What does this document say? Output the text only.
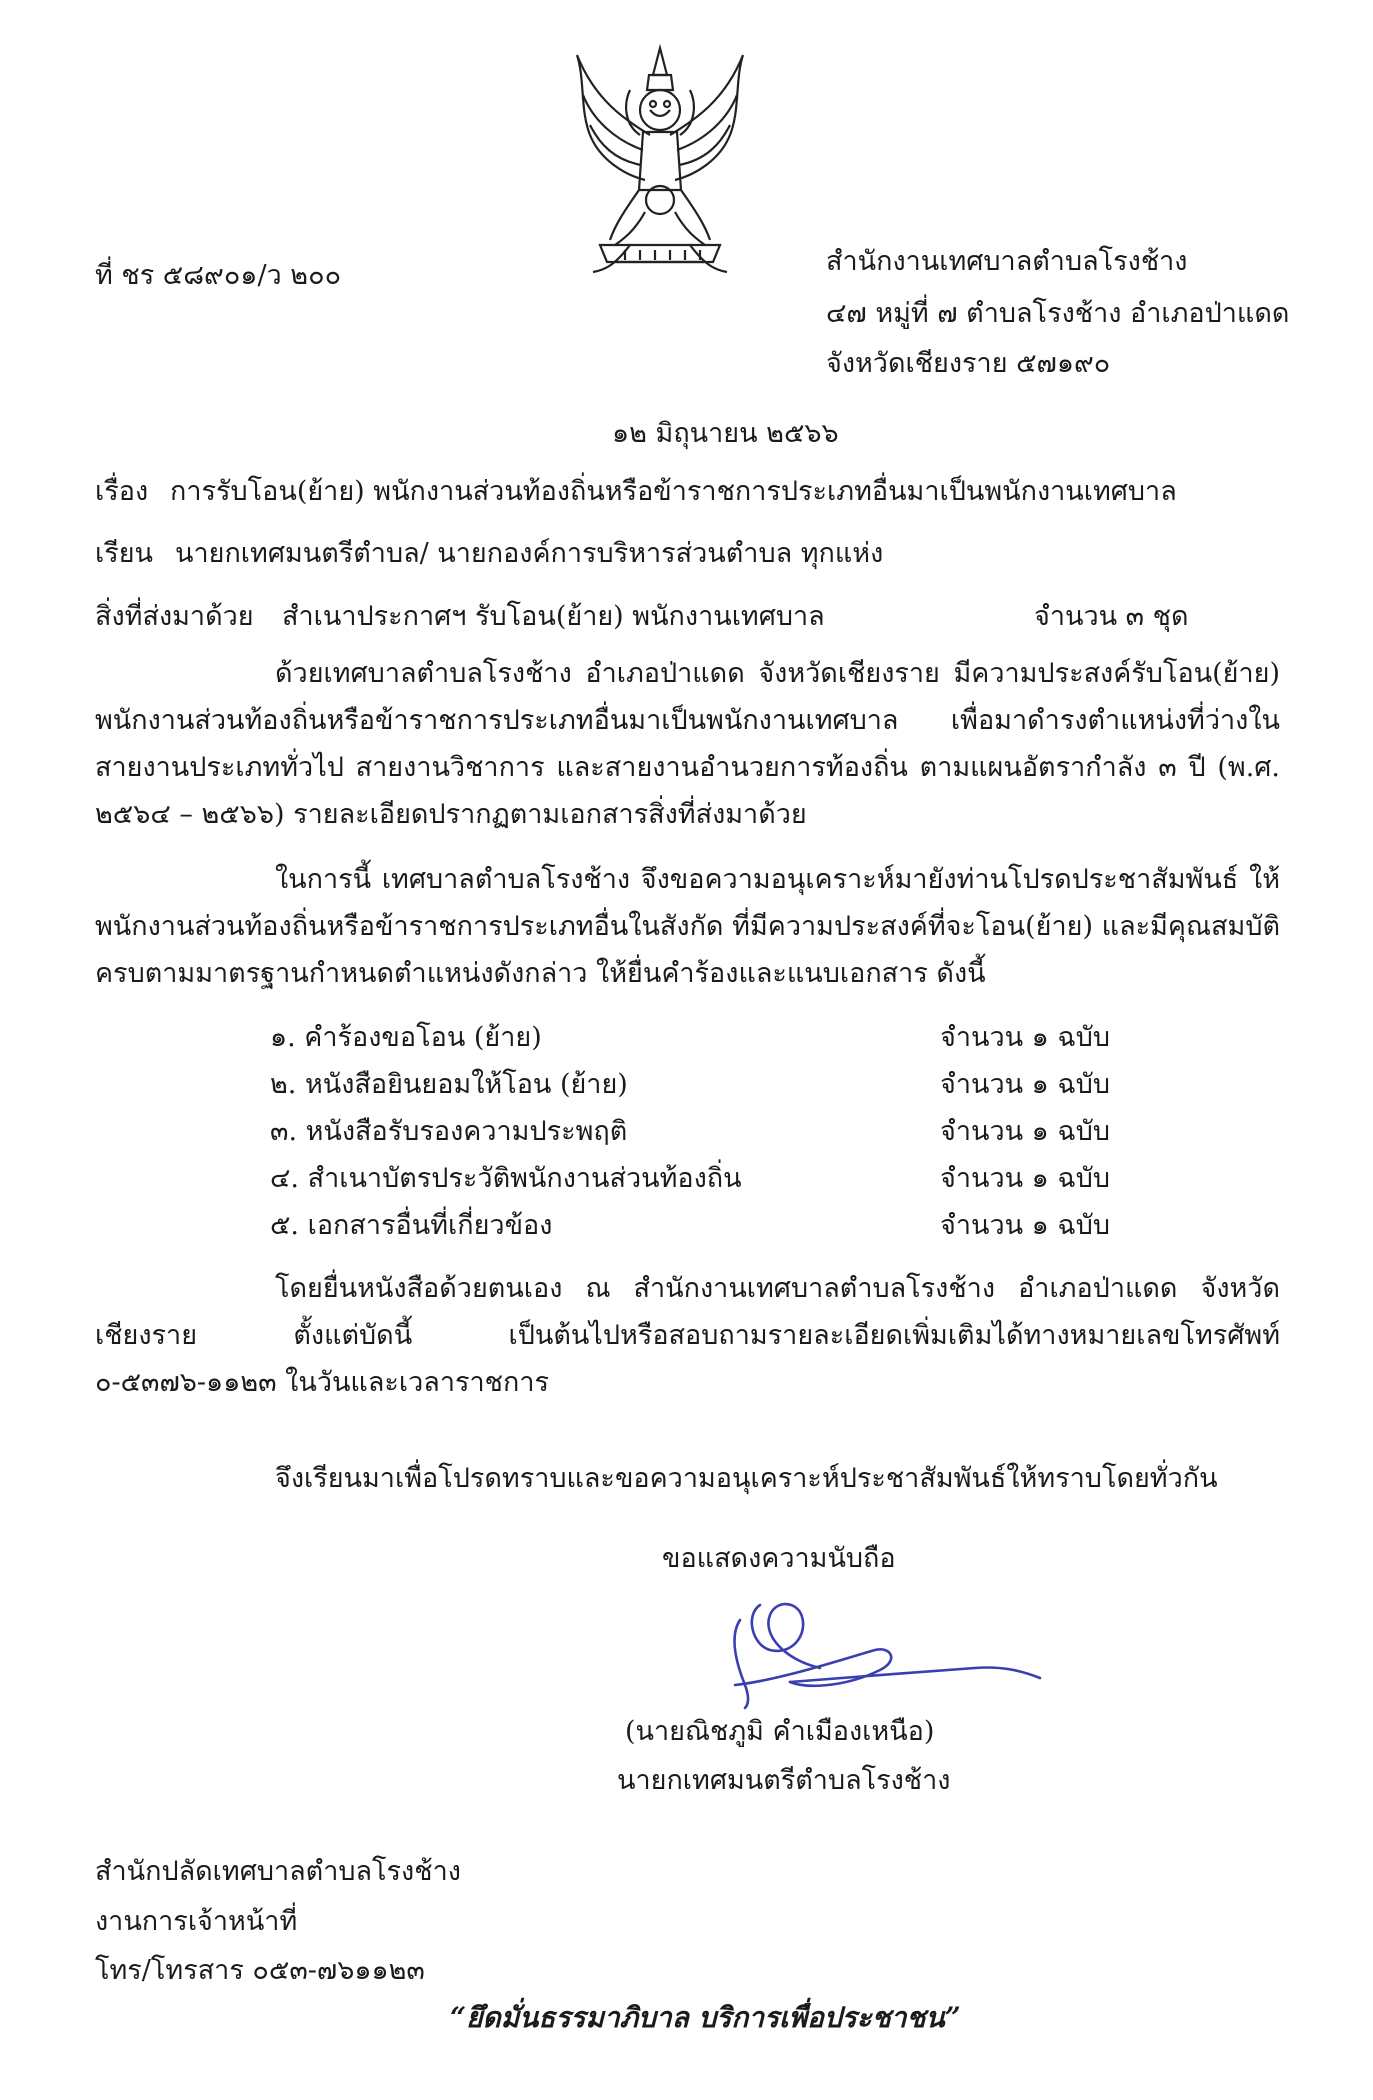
ที่ ชร ๕๘๙๐๑/ว ๒๐๐	สำนักงานเทศบาลตำบลโรงช้าง
๔๗ หมู่ที่ ๗ ตำบลโรงช้าง อำเภอป่าแดด
จังหวัดเชียงราย ๕๗๑๙๐
๑๒ มิถุนายน ๒๕๖๖
เรื่อง การรับโอน(ย้าย) พนักงานส่วนท้องถิ่นหรือข้าราชการประเภทอื่นมาเป็นพนักงานเทศบาล
เรียน นายกเทศมนตรีตำบล/ นายกองค์การบริหารส่วนตำบล ทุกแห่ง
สิ่งที่ส่งมาด้วย สำเนาประกาศฯ รับโอน(ย้าย) พนักงานเทศบาล	จำนวน ๓ ชุด
ด้วยเทศบาลตำบลโรงช้าง อำเภอป่าแดด จังหวัดเชียงราย มีความประสงค์รับโอน(ย้าย) พนักงานส่วนท้องถิ่นหรือข้าราชการประเภทอื่นมาเป็นพนักงานเทศบาล เพื่อมาดำรงตำแหน่งที่ว่างในสายงานประเภททั่วไป สายงานวิชาการ และสายงานอำนวยการท้องถิ่น ตามแผนอัตรากำลัง ๓ ปี (พ.ศ. ๒๕๖๔ – ๒๕๖๖) รายละเอียดปรากฏตามเอกสารสิ่งที่ส่งมาด้วย
ในการนี้ เทศบาลตำบลโรงช้าง จึงขอความอนุเคราะห์มายังท่านโปรดประชาสัมพันธ์ ให้พนักงานส่วนท้องถิ่นหรือข้าราชการประเภทอื่นในสังกัด ที่มีความประสงค์ที่จะโอน(ย้าย) และมีคุณสมบัติครบตามมาตรฐานกำหนดตำแหน่งดังกล่าว ให้ยื่นคำร้องและแนบเอกสาร ดังนี้
๑. คำร้องขอโอน (ย้าย)	จำนวน ๑ ฉบับ
๒. หนังสือยินยอมให้โอน (ย้าย)	จำนวน ๑ ฉบับ
๓. หนังสือรับรองความประพฤติ	จำนวน ๑ ฉบับ
๔. สำเนาบัตรประวัติพนักงานส่วนท้องถิ่น	จำนวน ๑ ฉบับ
๕. เอกสารอื่นที่เกี่ยวข้อง	จำนวน ๑ ฉบับ
โดยยื่นหนังสือด้วยตนเอง ณ สำนักงานเทศบาลตำบลโรงช้าง อำเภอป่าแดด จังหวัดเชียงราย ตั้งแต่บัดนี้ เป็นต้นไปหรือสอบถามรายละเอียดเพิ่มเติมได้ทางหมายเลขโทรศัพท์ ๐-๕๓๗๖-๑๑๒๓ ในวันและเวลาราชการ
จึงเรียนมาเพื่อโปรดทราบและขอความอนุเคราะห์ประชาสัมพันธ์ให้ทราบโดยทั่วกัน
ขอแสดงความนับถือ
(นายณิชภูมิ คำเมืองเหนือ)
นายกเทศมนตรีตำบลโรงช้าง
สำนักปลัดเทศบาลตำบลโรงช้าง
งานการเจ้าหน้าที่
โทร/โทรสาร ๐๕๓-๗๖๑๑๒๓
“ยึดมั่นธรรมาภิบาล บริการเพื่อประชาชน”
